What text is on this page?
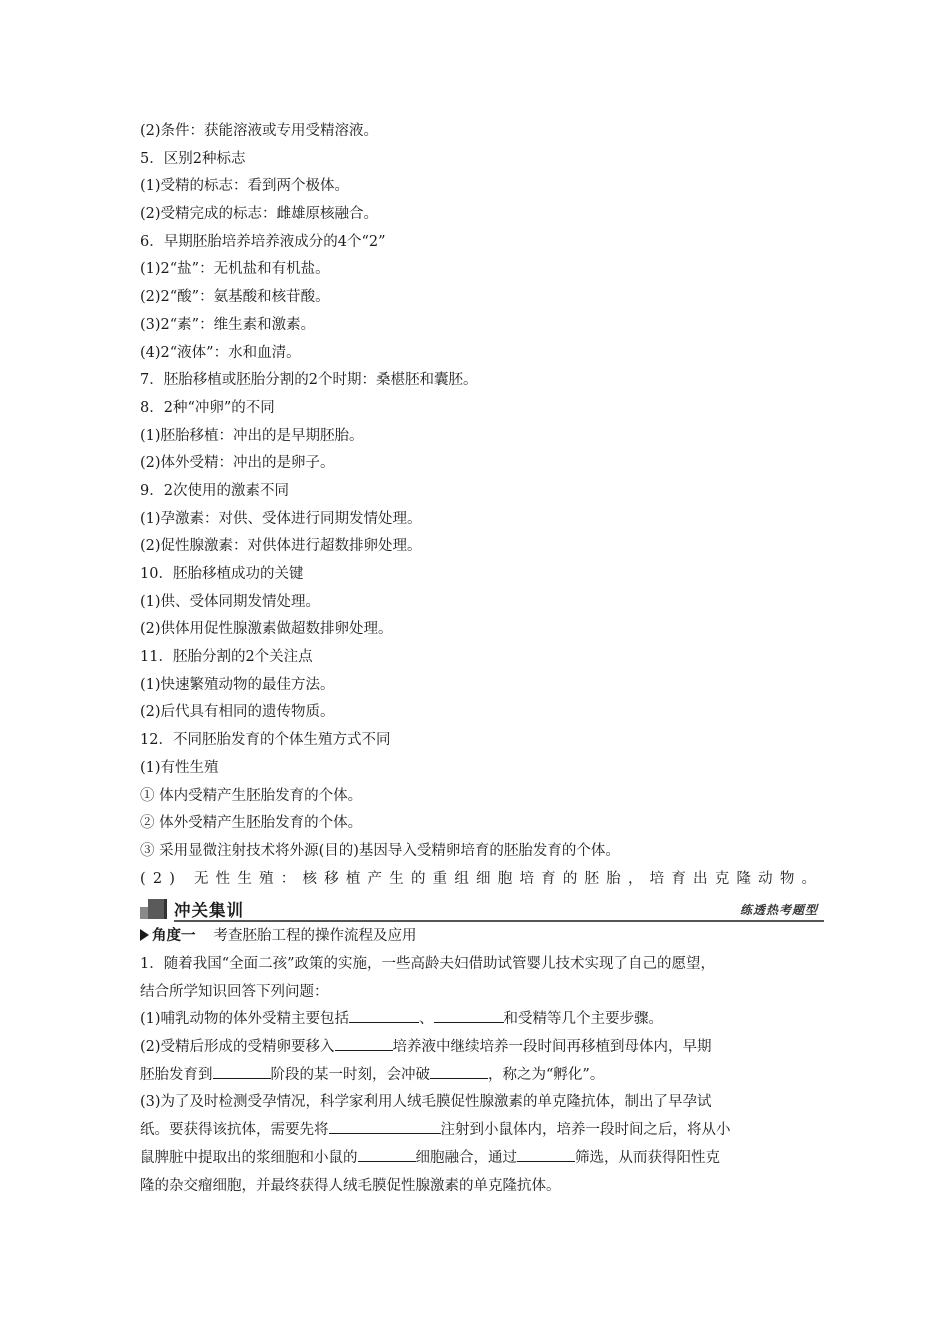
(2)条件：获能溶液或专用受精溶液。
5．区别2种标志
(1)受精的标志：看到两个极体。
(2)受精完成的标志：雌雄原核融合。
6．早期胚胎培养培养液成分的4个“2”
(1)2“盐”：无机盐和有机盐。
(2)2“酸”：氨基酸和核苷酸。
(3)2“素”：维生素和激素。
(4)2“液体”：水和血清。
7．胚胎移植或胚胎分割的2个时期：桑椹胚和囊胚。
8．2种“冲卵”的不同
(1)胚胎移植：冲出的是早期胚胎。
(2)体外受精：冲出的是卵子。
9．2次使用的激素不同
(1)孕激素：对供、受体进行同期发情处理。
(2)促性腺激素：对供体进行超数排卵处理。
10．胚胎移植成功的关键
(1)供、受体同期发情处理。
(2)供体用促性腺激素做超数排卵处理。
11．胚胎分割的2个关注点
(1)快速繁殖动物的最佳方法。
(2)后代具有相同的遗传物质。
12．不同胚胎发育的个体生殖方式不同
(1)有性生殖
① 体内受精产生胚胎发育的个体。
② 体外受精产生胚胎发育的个体。
③ 采用显微注射技术将外源(目的)基因导入受精卵培育的胚胎发育的个体。
(2) 无性生殖：核移植产生的重组细胞培育的胚胎，培育出克隆动物。
冲关集训	练透热考题型
角度一 考查胚胎工程的操作流程及应用
1．随着我国“全面二孩”政策的实施，一些高龄夫妇借助试管婴儿技术实现了自己的愿望，
结合所学知识回答下列问题：
(1)哺乳动物的体外受精主要包括	、	和受精等几个主要步骤。
(2)受精后形成的受精卵要移入	培养液中继续培养一段时间再移植到母体内，早期
胚胎发育到	阶段的某一时刻，会冲破	，称之为“孵化”。
(3)为了及时检测受孕情况，科学家利用人绒毛膜促性腺激素的单克隆抗体，制出了早孕试
纸。要获得该抗体，需要先将	注射到小鼠体内，培养一段时间之后，将从小
鼠脾脏中提取出的浆细胞和小鼠的	细胞融合，通过	筛选，从而获得阳性克
隆的杂交瘤细胞，并最终获得人绒毛膜促性腺激素的单克隆抗体。
